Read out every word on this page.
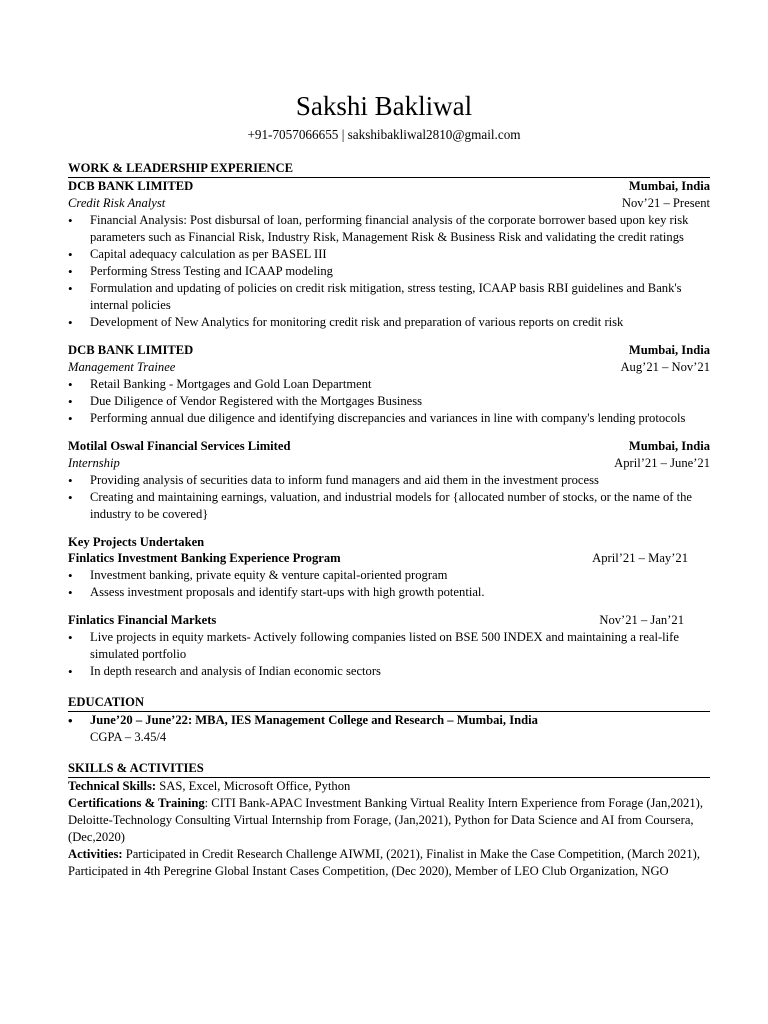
Sakshi Bakliwal
+91-7057066655 | sakshibakliwal2810@gmail.com
WORK & LEADERSHIP EXPERIENCE
DCB BANK LIMITED	Mumbai, India
Credit Risk Analyst	Nov’21 – Present
• Financial Analysis: Post disbursal of loan, performing financial analysis of the corporate borrower based upon key risk parameters such as Financial Risk, Industry Risk, Management Risk & Business Risk and validating the credit ratings
• Capital adequacy calculation as per BASEL III
• Performing Stress Testing and ICAAP modeling
• Formulation and updating of policies on credit risk mitigation, stress testing, ICAAP basis RBI guidelines and Bank's internal policies
• Development of New Analytics for monitoring credit risk and preparation of various reports on credit risk
DCB BANK LIMITED	Mumbai, India
Management Trainee	Aug’21 – Nov’21
• Retail Banking - Mortgages and Gold Loan Department
• Due Diligence of Vendor Registered with the Mortgages Business
• Performing annual due diligence and identifying discrepancies and variances in line with company's lending protocols
Motilal Oswal Financial Services Limited	Mumbai, India
Internship	April’21 – June’21
• Providing analysis of securities data to inform fund managers and aid them in the investment process
• Creating and maintaining earnings, valuation, and industrial models for {allocated number of stocks, or the name of the industry to be covered}
Key Projects Undertaken
Finlatics Investment Banking Experience Program	April’21 – May’21
• Investment banking, private equity & venture capital-oriented program
• Assess investment proposals and identify start-ups with high growth potential.
Finlatics Financial Markets	Nov’21 – Jan’21
• Live projects in equity markets- Actively following companies listed on BSE 500 INDEX and maintaining a real-life simulated portfolio
• In depth research and analysis of Indian economic sectors
EDUCATION
• June’20 – June’22: MBA, IES Management College and Research – Mumbai, India
CGPA – 3.45/4
SKILLS & ACTIVITIES
Technical Skills: SAS, Excel, Microsoft Office, Python
Certifications & Training: CITI Bank-APAC Investment Banking Virtual Reality Intern Experience from Forage (Jan,2021), Deloitte-Technology Consulting Virtual Internship from Forage, (Jan,2021), Python for Data Science and AI from Coursera, (Dec,2020)
Activities: Participated in Credit Research Challenge AIWMI, (2021), Finalist in Make the Case Competition, (March 2021), Participated in 4th Peregrine Global Instant Cases Competition, (Dec 2020), Member of LEO Club Organization, NGO
